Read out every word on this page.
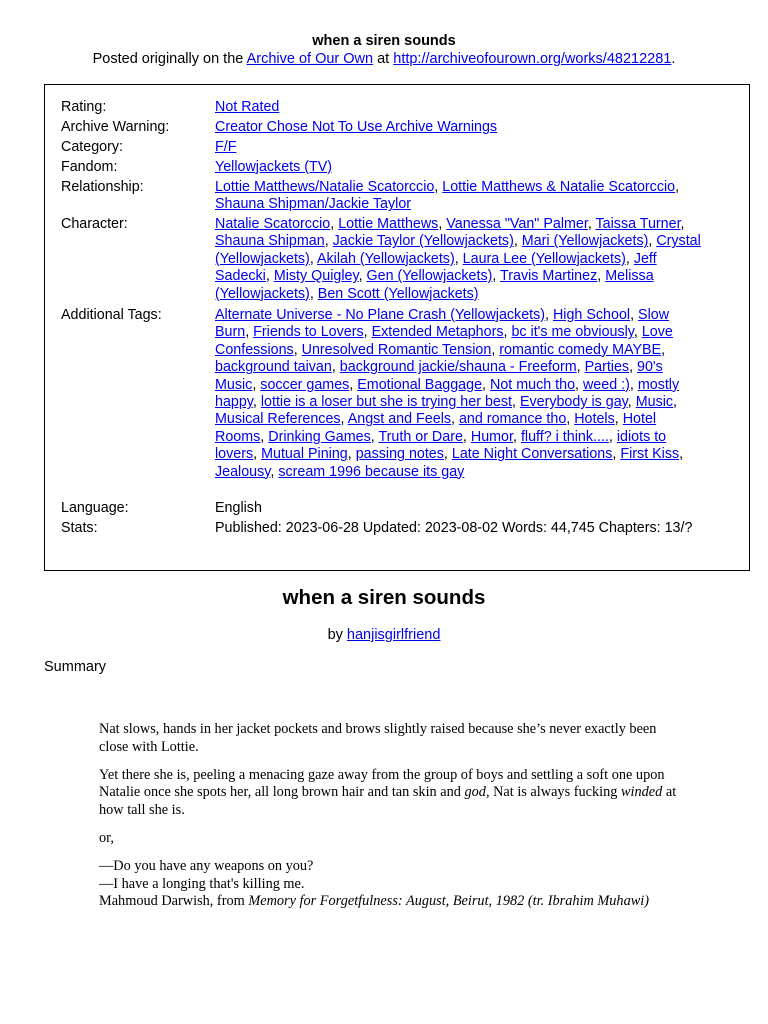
when a siren sounds
Posted originally on the Archive of Our Own at http://archiveofourown.org/works/48212281.
Rating:	Not Rated
Archive Warning:	Creator Chose Not To Use Archive Warnings
Category:	F/F
Fandom:	Yellowjackets (TV)
Relationship:	Lottie Matthews/Natalie Scatorccio, Lottie Matthews & Natalie Scatorccio, Shauna Shipman/Jackie Taylor
Character:	Natalie Scatorccio, Lottie Matthews, Vanessa "Van" Palmer, Taissa Turner, Shauna Shipman, Jackie Taylor (Yellowjackets), Mari (Yellowjackets), Crystal (Yellowjackets), Akilah (Yellowjackets), Laura Lee (Yellowjackets), Jeff Sadecki, Misty Quigley, Gen (Yellowjackets), Travis Martinez, Melissa (Yellowjackets), Ben Scott (Yellowjackets)
Additional Tags:	Alternate Universe - No Plane Crash (Yellowjackets), High School, Slow Burn, Friends to Lovers, Extended Metaphors, bc it's me obviously, Love Confessions, Unresolved Romantic Tension, romantic comedy MAYBE, background taivan, background jackie/shauna - Freeform, Parties, 90's Music, soccer games, Emotional Baggage, Not much tho, weed :), mostly happy, lottie is a loser but she is trying her best, Everybody is gay, Music, Musical References, Angst and Feels, and romance tho, Hotels, Hotel Rooms, Drinking Games, Truth or Dare, Humor, fluff? i think...., idiots to lovers, Mutual Pining, passing notes, Late Night Conversations, First Kiss, Jealousy, scream 1996 because its gay
Language:	English
Stats:	Published: 2023-06-28 Updated: 2023-08-02 Words: 44,745 Chapters: 13/?
when a siren sounds
by hanjisgirlfriend
Summary

Nat slows, hands in her jacket pockets and brows slightly raised because she’s never exactly been close with Lottie.

Yet there she is, peeling a menacing gaze away from the group of boys and settling a soft one upon Natalie once she spots her, all long brown hair and tan skin and god, Nat is always fucking winded at how tall she is.

or,

—Do you have any weapons on you?

—I have a longing that's killing me.

Mahmoud Darwish, from Memory for Forgetfulness: August, Beirut, 1982 (tr. Ibrahim Muhawi)
